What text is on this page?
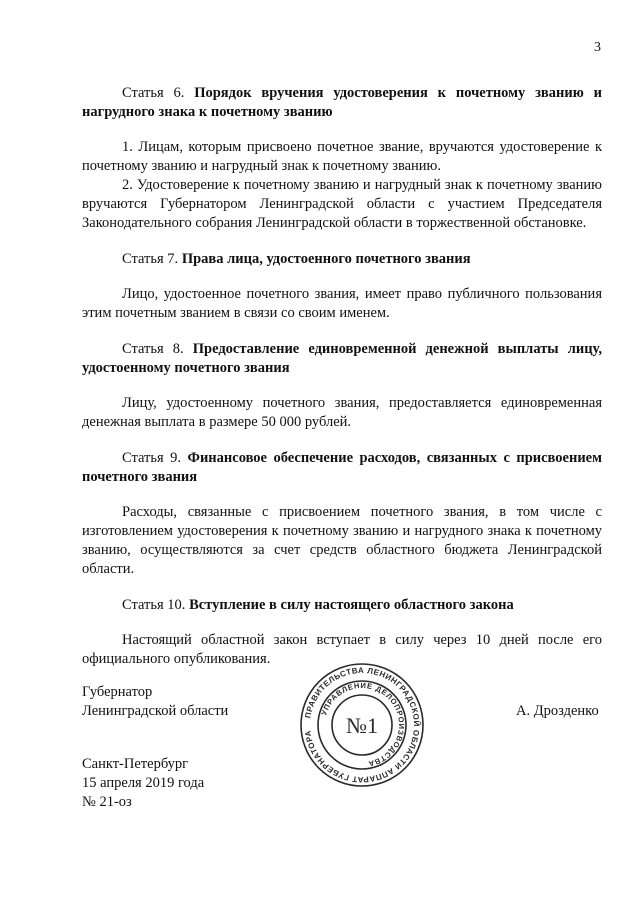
3

Статья 6. Порядок вручения удостоверения к почетному званию и нагрудного знака к почетному званию

1. Лицам, которым присвоено почетное звание, вручаются удостоверение к почетному званию и нагрудный знак к почетному званию.

2. Удостоверение к почетному званию и нагрудный знак к почетному званию вручаются Губернатором Ленинградской области с участием Председателя Законодательного собрания Ленинградской области в торжественной обстановке.

Статья 7. Права лица, удостоенного почетного звания

Лицо, удостоенное почетного звания, имеет право публичного пользования этим почетным званием в связи со своим именем.

Статья 8. Предоставление единовременной денежной выплаты лицу, удостоенному почетного звания

Лицу, удостоенному почетного звания, предоставляется единовременная денежная выплата в размере 50 000 рублей.

Статья 9. Финансовое обеспечение расходов, связанных с присвоением почетного звания

Расходы, связанные с присвоением почетного звания, в том числе с изготовлением удостоверения к почетному званию и нагрудного знака к почетному званию, осуществляются за счет средств областного бюджета Ленинградской области.

Статья 10. Вступление в силу настоящего областного закона

Настоящий областной закон вступает в силу через 10 дней после его официального опубликования.

Губернатор
Ленинградской области	ПРАВИТЕЛЬСТВА ЛЕНИНГРАДСКОЙ ОБЛАСТИ АППАРАТ ГУБЕРНАТОРА
УПРАВЛЕНИЕ ДЕЛОПРОИЗВОДСТВА
№1
А. Дрозденко
Санкт-Петербург
15 апреля 2019 года
№ 21-оз
